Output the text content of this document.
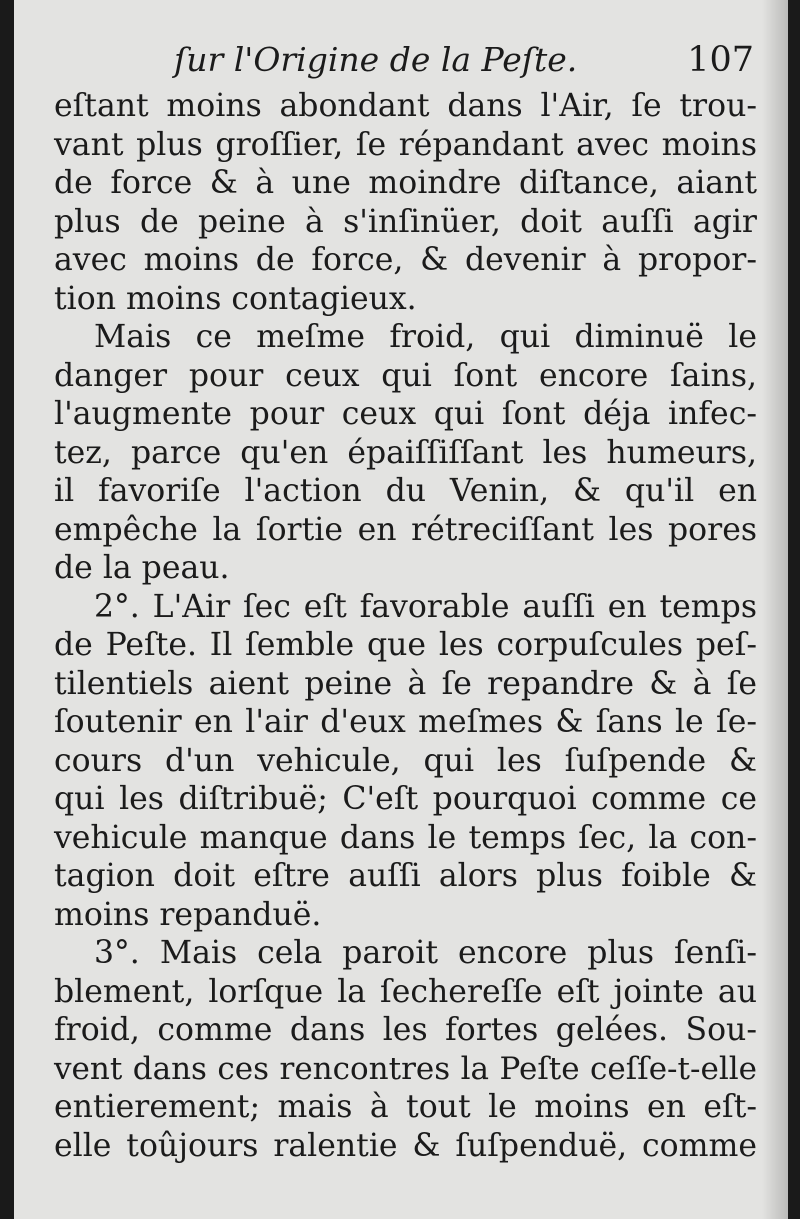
ſur l'Origine de la Peſte.	107
eſtant moins abondant dans l'Air, ſe trou-
vant plus groſſier, ſe répandant avec moins
de force & à une moindre diſtance, aiant
plus de peine à s'inſinüer, doit auſſi agir
avec moins de force, & devenir à propor-
tion moins contagieux.
Mais ce meſme froid, qui diminuë le
danger pour ceux qui ſont encore ſains,
l'augmente pour ceux qui ſont déja infec-
tez, parce qu'en épaiſſiſſant les humeurs,
il favoriſe l'action du Venin, & qu'il en
empêche la ſortie en rétreciſſant les pores
de la peau.
2°. L'Air ſec eſt favorable auſſi en temps
de Peſte. Il ſemble que les corpuſcules peſ-
tilentiels aient peine à ſe repandre & à ſe
ſoutenir en l'air d'eux meſmes & ſans le ſe-
cours d'un vehicule, qui les ſuſpende &
qui les diſtribuë; C'eſt pourquoi comme ce
vehicule manque dans le temps ſec, la con-
tagion doit eſtre auſſi alors plus foible &
moins repanduë.
3°. Mais cela paroit encore plus ſenſi-
blement, lorſque la ſechereſſe eſt jointe au
froid, comme dans les fortes gelées. Sou-
vent dans ces rencontres la Peſte ceſſe-t-elle
entierement; mais à tout le moins en eſt-
elle toûjours ralentie & ſuſpenduë, comme
